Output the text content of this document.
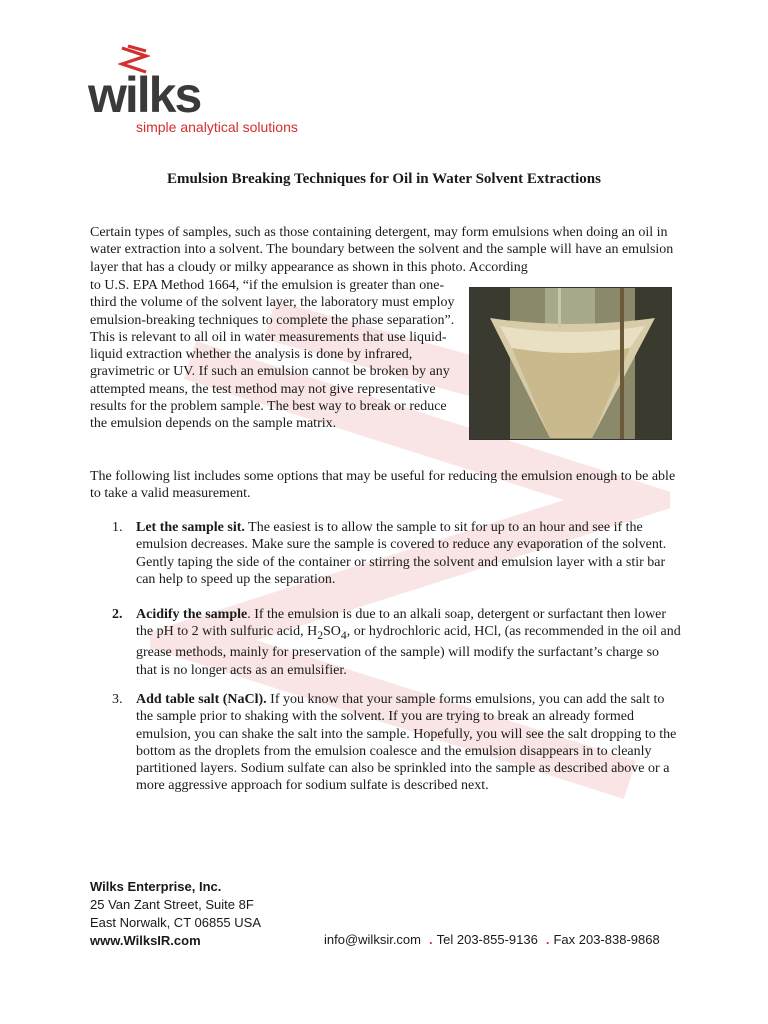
wilks
simple analytical solutions
Emulsion Breaking Techniques for Oil in Water Solvent Extractions

Certain types of samples, such as those containing detergent, may form emulsions when doing an oil in water extraction into a solvent. The boundary between the solvent and the sample will have an emulsion layer that has a cloudy or milky appearance as shown in this photo. According

to U.S. EPA Method 1664, “if the emulsion is greater than one-third the volume of the solvent layer, the laboratory must employ emulsion-breaking techniques to complete the phase separation”. This is relevant to all oil in water measurements that use liquid-liquid extraction whether the analysis is done by infrared, gravimetric or UV. If such an emulsion cannot be broken by any attempted means, the test method may not give representative results for the problem sample. The best way to break or reduce the emulsion depends on the sample matrix.

The following list includes some options that may be useful for reducing the emulsion enough to be able to take a valid measurement.

1. Let the sample sit. The easiest is to allow the sample to sit for up to an hour and see if the emulsion decreases. Make sure the sample is covered to reduce any evaporation of the solvent. Gently taping the side of the container or stirring the solvent and emulsion layer with a stir bar can help to speed up the separation.
2. Acidify the sample. If the emulsion is due to an alkali soap, detergent or surfactant then lower the pH to 2 with sulfuric acid, $H_2SO_4$, or hydrochloric acid, HCl, (as recommended in the oil and grease methods, mainly for preservation of the sample) will modify the surfactant’s charge so that is no longer acts as an emulsifier.
3. Add table salt (NaCl). If you know that your sample forms emulsions, you can add the salt to the sample prior to shaking with the solvent. If you are trying to break an already formed emulsion, you can shake the salt into the sample. Hopefully, you will see the salt dropping to the bottom as the droplets from the emulsion coalesce and the emulsion disappears in to cleanly partitioned layers. Sodium sulfate can also be sprinkled into the sample as described above or a more aggressive approach for sodium sulfate is described next.
Wilks Enterprise, Inc.
25 Van Zant Street, Suite 8F
East Norwalk, CT 06855 USA
www.WilksIR.com	info@wilksir.com . Tel 203-855-9136 . Fax 203-838-9868
